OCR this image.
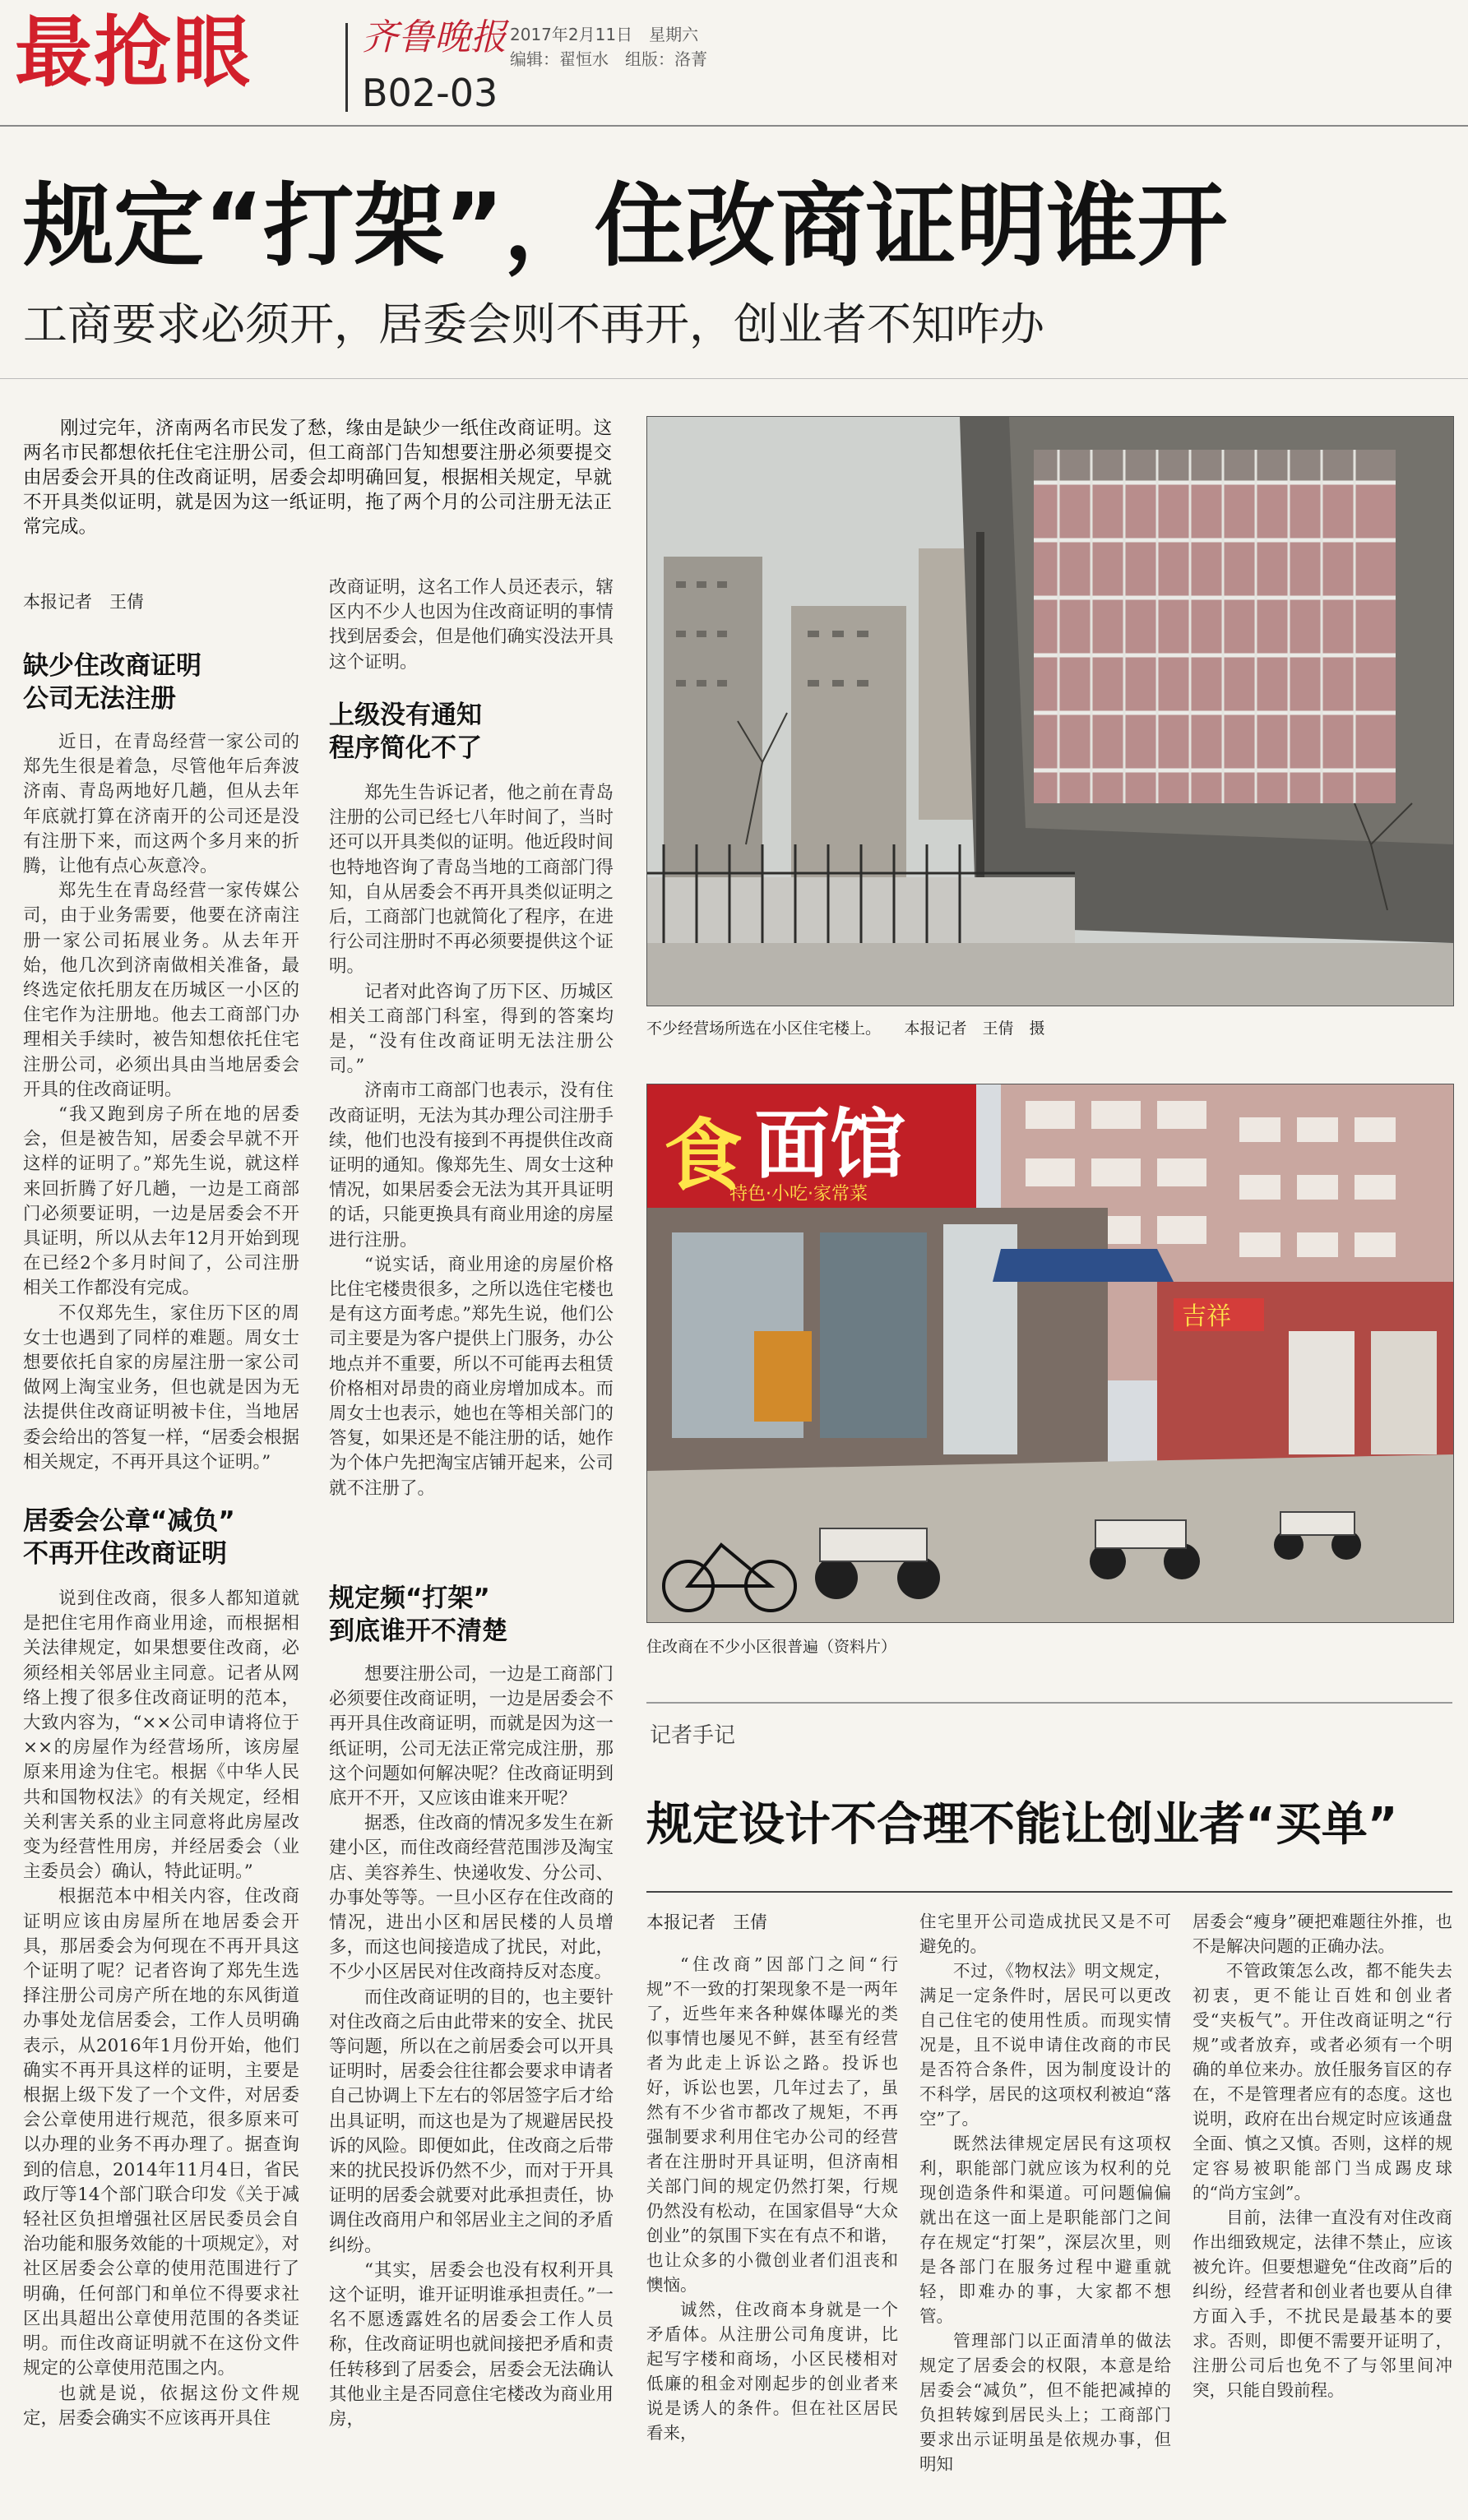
最抢眼	齐鲁晚报
B02-03
2017年2月11日　星期六
编辑：翟恒水　组版：洛菁
规定“打架”，住改商证明谁开
工商要求必须开，居委会则不再开，创业者不知咋办
刚过完年，济南两名市民发了愁，缘由是缺少一纸住改商证明。这两名市民都想依托住宅注册公司，但工商部门告知想要注册必须要提交由居委会开具的住改商证明，居委会却明确回复，根据相关规定，早就不开具类似证明，就是因为这一纸证明，拖了两个月的公司注册无法正常完成。
本报记者　王倩
缺少住改商证明
公司无法注册

近日，在青岛经营一家公司的郑先生很是着急，尽管他年后奔波济南、青岛两地好几趟，但从去年年底就打算在济南开的公司还是没有注册下来，而这两个多月来的折腾，让他有点心灰意冷。

郑先生在青岛经营一家传媒公司，由于业务需要，他要在济南注册一家公司拓展业务。从去年开始，他几次到济南做相关准备，最终选定依托朋友在历城区一小区的住宅作为注册地。他去工商部门办理相关手续时，被告知想依托住宅注册公司，必须出具由当地居委会开具的住改商证明。

“我又跑到房子所在地的居委会，但是被告知，居委会早就不开这样的证明了。”郑先生说，就这样来回折腾了好几趟，一边是工商部门必须要证明，一边是居委会不开具证明，所以从去年12月开始到现在已经2个多月时间了，公司注册相关工作都没有完成。

不仅郑先生，家住历下区的周女士也遇到了同样的难题。周女士想要依托自家的房屋注册一家公司做网上淘宝业务，但也就是因为无法提供住改商证明被卡住，当地居委会给出的答复一样，“居委会根据相关规定，不再开具这个证明。”

居委会公章“减负”
不再开住改商证明

说到住改商，很多人都知道就是把住宅用作商业用途，而根据相关法律规定，如果想要住改商，必须经相关邻居业主同意。记者从网络上搜了很多住改商证明的范本，大致内容为，“××公司申请将位于××的房屋作为经营场所，该房屋原来用途为住宅。根据《中华人民共和国物权法》的有关规定，经相关利害关系的业主同意将此房屋改变为经营性用房，并经居委会（业主委员会）确认，特此证明。”

根据范本中相关内容，住改商证明应该由房屋所在地居委会开具，那居委会为何现在不再开具这个证明了呢？记者咨询了郑先生选择注册公司房产所在地的东风街道办事处龙信居委会，工作人员明确表示，从2016年1月份开始，他们确实不再开具这样的证明，主要是根据上级下发了一个文件，对居委会公章使用进行规范，很多原来可以办理的业务不再办理了。据查询到的信息，2014年11月4日，省民政厅等14个部门联合印发《关于减轻社区负担增强社区居民委员会自治功能和服务效能的十项规定》，对社区居委会公章的使用范围进行了明确，任何部门和单位不得要求社区出具超出公章使用范围的各类证明。而住改商证明就不在这份文件规定的公章使用范围之内。

也就是说，依据这份文件规定，居委会确实不应该再开具住

改商证明，这名工作人员还表示，辖区内不少人也因为住改商证明的事情找到居委会，但是他们确实没法开具这个证明。

上级没有通知
程序简化不了

郑先生告诉记者，他之前在青岛注册的公司已经七八年时间了，当时还可以开具类似的证明。他近段时间也特地咨询了青岛当地的工商部门得知，自从居委会不再开具类似证明之后，工商部门也就简化了程序，在进行公司注册时不再必须要提供这个证明。

记者对此咨询了历下区、历城区相关工商部门科室，得到的答案均是，“没有住改商证明无法注册公司。”

济南市工商部门也表示，没有住改商证明，无法为其办理公司注册手续，他们也没有接到不再提供住改商证明的通知。像郑先生、周女士这种情况，如果居委会无法为其开具证明的话，只能更换具有商业用途的房屋进行注册。

“说实话，商业用途的房屋价格比住宅楼贵很多，之所以选住宅楼也是有这方面考虑。”郑先生说，他们公司主要是为客户提供上门服务，办公地点并不重要，所以不可能再去租赁价格相对昂贵的商业房增加成本。而周女士也表示，她也在等相关部门的答复，如果还是不能注册的话，她作为个体户先把淘宝店铺开起来，公司就不注册了。

规定频“打架”
到底谁开不清楚

想要注册公司，一边是工商部门必须要住改商证明，一边是居委会不再开具住改商证明，而就是因为这一纸证明，公司无法正常完成注册，那这个问题如何解决呢？住改商证明到底开不开，又应该由谁来开呢？

据悉，住改商的情况多发生在新建小区，而住改商经营范围涉及淘宝店、美容养生、快递收发、分公司、办事处等等。一旦小区存在住改商的情况，进出小区和居民楼的人员增多，而这也间接造成了扰民，对此，不少小区居民对住改商持反对态度。

而住改商证明的目的，也主要针对住改商之后由此带来的安全、扰民等问题，所以在之前居委会可以开具证明时，居委会往往都会要求申请者自己协调上下左右的邻居签字后才给出具证明，而这也是为了规避居民投诉的风险。即便如此，住改商之后带来的扰民投诉仍然不少，而对于开具证明的居委会就要对此承担责任，协调住改商用户和邻居业主之间的矛盾纠纷。

“其实，居委会也没有权利开具这个证明，谁开证明谁承担责任。”一名不愿透露姓名的居委会工作人员称，住改商证明也就间接把矛盾和责任转移到了居委会，居委会无法确认其他业主是否同意住宅楼改为商业用房，

不少经营场所选在小区住宅楼上。　　本报记者　王倩　摄
食 面馆
特色·小吃·家常菜
吉祥
住改商在不少小区很普遍（资料片）
记者手记
规定设计不合理不能让创业者“买单”
本报记者　王倩

“住改商”因部门之间“行规”不一致的打架现象不是一两年了，近些年来各种媒体曝光的类似事情也屡见不鲜，甚至有经营者为此走上诉讼之路。投诉也好，诉讼也罢，几年过去了，虽然有不少省市都改了规矩，不再强制要求利用住宅办公司的经营者在注册时开具证明，但济南相关部门间的规定仍然打架，行规仍然没有松动，在国家倡导“大众创业”的氛围下实在有点不和谐，也让众多的小微创业者们沮丧和懊恼。

诚然，住改商本身就是一个矛盾体。从注册公司角度讲，比起写字楼和商场，小区民楼相对低廉的租金对刚起步的创业者来说是诱人的条件。但在社区居民看来，

住宅里开公司造成扰民又是不可避免的。

不过，《物权法》明文规定，满足一定条件时，居民可以更改自己住宅的使用性质。而现实情况是，且不说申请住改商的市民是否符合条件，因为制度设计的不科学，居民的这项权利被迫“落空”了。

既然法律规定居民有这项权利，职能部门就应该为权利的兑现创造条件和渠道。可问题偏偏就出在这一面上是职能部门之间存在规定“打架”，深层次里，则是各部门在服务过程中避重就轻，即难办的事，大家都不想管。

管理部门以正面清单的做法规定了居委会的权限，本意是给居委会“减负”，但不能把减掉的负担转嫁到居民头上；工商部门要求出示证明虽是依规办事，但明知

居委会“瘦身”硬把难题往外推，也不是解决问题的正确办法。

不管政策怎么改，都不能失去初衷，更不能让百姓和创业者受“夹板气”。开住改商证明之“行规”或者放弃，或者必须有一个明确的单位来办。放任服务盲区的存在，不是管理者应有的态度。这也说明，政府在出台规定时应该通盘全面、慎之又慎。否则，这样的规定容易被职能部门当成踢皮球的“尚方宝剑”。

目前，法律一直没有对住改商作出细致规定，法律不禁止，应该被允许。但要想避免“住改商”后的纠纷，经营者和创业者也要从自律方面入手，不扰民是最基本的要求。否则，即便不需要开证明了，注册公司后也免不了与邻里间冲突，只能自毁前程。
